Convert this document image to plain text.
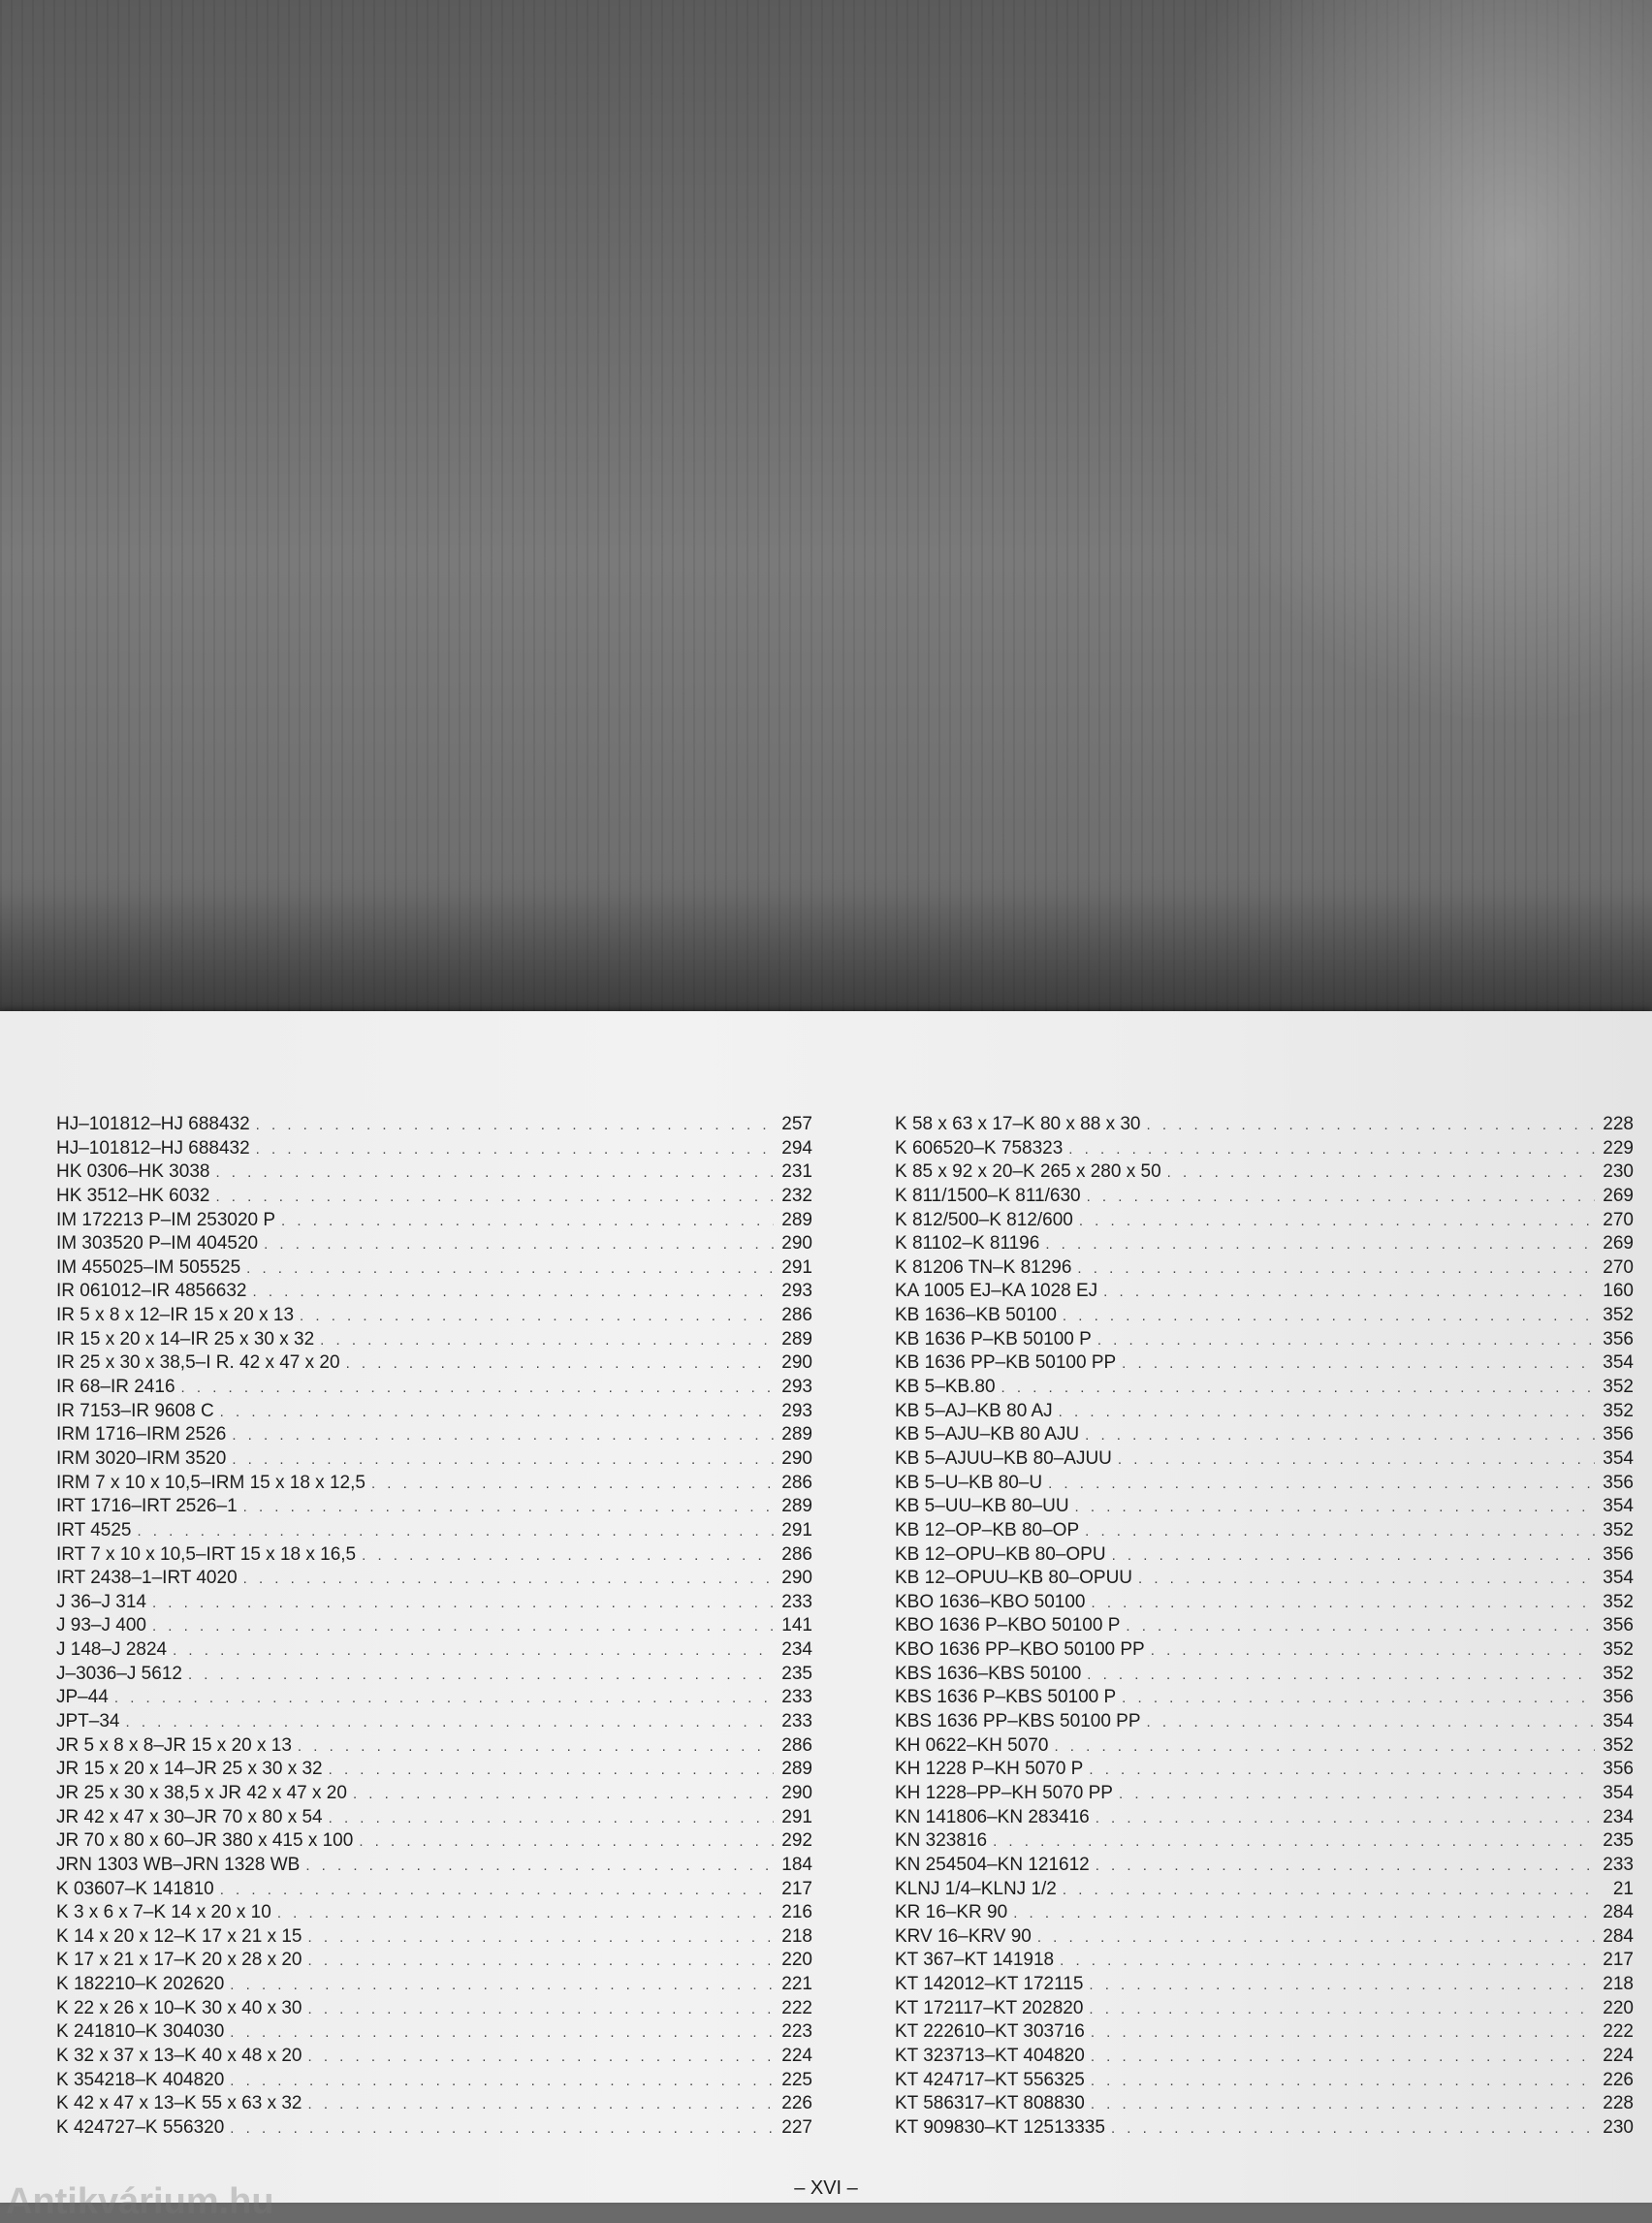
HJ–101812–HJ 688432 . . .	257
HJ–101812–HJ 688432 . . .	294
HK 0306–HK 3038 . . .	231
HK 3512–HK 6032 . . .	232
IM 172213 P–IM 253020 P . . .	289
IM 303520 P–IM 404520 . . .	290
IM 455025–IM 505525 . . .	291
IR 061012–IR 4856632 . . .	293
IR 5 x 8 x 12–IR 15 x 20 x 13 . . .	286
IR 15 x 20 x 14–IR 25 x 30 x 32 . . .	289
IR 25 x 30 x 38,5–I R. 42 x 47 x 20 . . .	290
IR 68–IR 2416 . . .	293
IR 7153–IR 9608 C . . .	293
IRM 1716–IRM 2526 . . .	289
IRM 3020–IRM 3520 . . .	290
IRM 7 x 10 x 10,5–IRM 15 x 18 x 12,5 . . .	286
IRT 1716–IRT 2526–1 . . .	289
IRT 4525 . . .	291
IRT 7 x 10 x 10,5–IRT 15 x 18 x 16,5 . . .	286
IRT 2438–1–IRT 4020 . . .	290
J 36–J 314 . . .	233
J 93–J 400 . . .	141
J 148–J 2824 . . .	234
J–3036–J 5612 . . .	235
JP–44 . . .	233
JPT–34 . . .	233
JR 5 x 8 x 8–JR 15 x 20 x 13 . . .	286
JR 15 x 20 x 14–JR 25 x 30 x 32 . . .	289
JR 25 x 30 x 38,5 x JR 42 x 47 x 20 . . .	290
JR 42 x 47 x 30–JR 70 x 80 x 54 . . .	291
JR 70 x 80 x 60–JR 380 x 415 x 100 . . .	292
JRN 1303 WB–JRN 1328 WB . . .	184
K 03607–K 141810 . . .	217
K 3 x 6 x 7–K 14 x 20 x 10 . . .	216
K 14 x 20 x 12–K 17 x 21 x 15 . . .	218
K 17 x 21 x 17–K 20 x 28 x 20 . . .	220
K 182210–K 202620 . . .	221
K 22 x 26 x 10–K 30 x 40 x 30 . . .	222
K 241810–K 304030 . . .	223
K 32 x 37 x 13–K 40 x 48 x 20 . . .	224
K 354218–K 404820 . . .	225
K 42 x 47 x 13–K 55 x 63 x 32 . . .	226
K 424727–K 556320 . . .	227
K 58 x 63 x 17–K 80 x 88 x 30 . . .	228
K 606520–K 758323 . . .	229
K 85 x 92 x 20–K 265 x 280 x 50 . . .	230
K 811/1500–K 811/630 . . .	269
K 812/500–K 812/600 . . .	270
K 81102–K 81196 . . .	269
K 81206 TN–K 81296 . . .	270
KA 1005 EJ–KA 1028 EJ . . .	160
KB 1636–KB 50100 . . .	352
KB 1636 P–KB 50100 P . . .	356
KB 1636 PP–KB 50100 PP . . .	354
KB 5–KB.80 . . .	352
KB 5–AJ–KB 80 AJ . . .	352
KB 5–AJU–KB 80 AJU . . .	356
KB 5–AJUU–KB 80–AJUU . . .	354
KB 5–U–KB 80–U . . .	356
KB 5–UU–KB 80–UU . . .	354
KB 12–OP–KB 80–OP . . .	352
KB 12–OPU–KB 80–OPU . . .	356
KB 12–OPUU–KB 80–OPUU . . .	354
KBO 1636–KBO 50100 . . .	352
KBO 1636 P–KBO 50100 P . . .	356
KBO 1636 PP–KBO 50100 PP . . .	352
KBS 1636–KBS 50100 . . .	352
KBS 1636 P–KBS 50100 P . . .	356
KBS 1636 PP–KBS 50100 PP . . .	354
KH 0622–KH 5070 . . .	352
KH 1228 P–KH 5070 P . . .	356
KH 1228–PP–KH 5070 PP . . .	354
KN 141806–KN 283416 . . .	234
KN 323816 . . .	235
KN 254504–KN 121612 . . .	233
KLNJ 1/4–KLNJ 1/2 . . .	21
KR 16–KR 90 . . .	284
KRV 16–KRV 90 . . .	284
KT 367–KT 141918 . . .	217
KT 142012–KT 172115 . . .	218
KT 172117–KT 202820 . . .	220
KT 222610–KT 303716 . . .	222
KT 323713–KT 404820 . . .	224
KT 424717–KT 556325 . . .	226
KT 586317–KT 808830 . . .	228
KT 909830–KT 12513335 . . .	230
– XVI –
Antikvárium.hu
